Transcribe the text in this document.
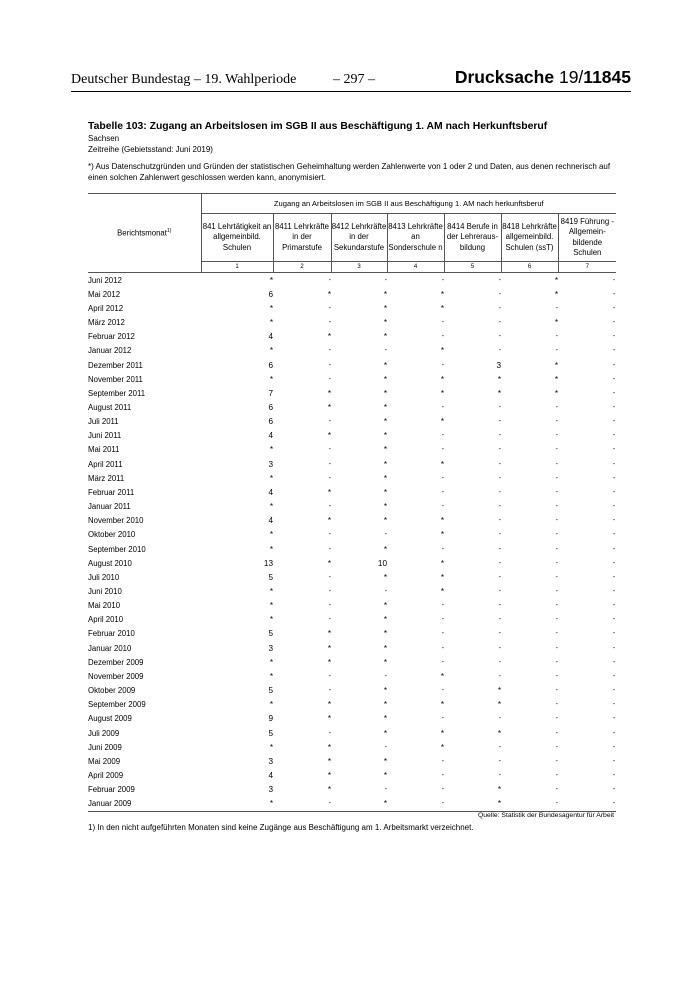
Deutscher Bundestag – 19. Wahlperiode	– 297 –	Drucksache 19/11845
Tabelle 103: Zugang an Arbeitslosen im SGB II aus Beschäftigung 1. AM nach Herkunftsberuf
Sachsen
Zeitreihe (Gebietsstand: Juni 2019)
*) Aus Datenschutzgründen und Gründen der statistischen Geheimhaltung werden Zahlenwerte von 1 oder 2 und Daten, aus denen rechnerisch auf einen solchen Zahlenwert geschlossen werden kann, anonymisiert.
Berichtsmonat$^{1)}$	Zugang an Arbeitslosen im SGB II aus Beschäftigung 1. AM nach herkunftsberuf						
	841 Lehrtätigkeit an allgemeinbild. Schulen	8411 Lehrkräfte in der Primarstufe	8412 Lehrkräfte in der Sekundarstufe	8413 Lehrkräfte an Sonderschule n	8414 Berufe in der Lehreraus-bildung	8418 Lehrkräfte allgemeinbild. Schulen (ssT)	8419 Führung - Allgemein-bildende Schulen
	1	2	3	4	5	6	7
Juni 2012	*	-	-	-	-	*	-
Mai 2012	6	*	*	*	-	*	-
April 2012	*	-	*	*	-	-	-
März 2012	*	-	*	-	-	*	-
Februar 2012	4	*	*	-	-	-	-
Januar 2012	*	-	-	*	-	-	-
Dezember 2011	6	-	*	-	3	*	-
November 2011	*	-	*	*	*	*	-
September 2011	7	*	*	*	*	*	-
August 2011	6	*	*	-	-	-	-
Juli 2011	6	-	*	*	-	-	-
Juni 2011	4	*	*	-	-	-	-
Mai 2011	*	-	*	-	-	-	-
April 2011	3	-	*	*	-	-	-
März 2011	*	-	*	-	-	-	-
Februar 2011	4	*	*	-	-	-	-
Januar 2011	*	-	*	-	-	-	-
November 2010	4	*	*	*	-	-	-
Oktober 2010	*	-	-	*	-	-	-
September 2010	*	-	*	-	-	-	-
August 2010	13	*	10	*	-	-	-
Juli 2010	5	-	*	*	-	-	-
Juni 2010	*	-	-	*	-	-	-
Mai 2010	*	-	*	-	-	-	-
April 2010	*	-	*	-	-	-	-
Februar 2010	5	*	*	-	-	-	-
Januar 2010	3	*	*	-	-	-	-
Dezember 2009	*	*	*	-	-	-	-
November 2009	*	-	-	*	-	-	-
Oktober 2009	5	-	*	-	*	-	-
September 2009	*	*	*	*	*	-	-
August 2009	9	*	*	-	-	-	-
Juli 2009	5	-	*	*	*	-	-
Juni 2009	*	*	-	*	-	-	-
Mai 2009	3	*	*	-	-	-	-
April 2009	4	*	*	-	-	-	-
Februar 2009	3	*	-	-	*	-	-
Januar 2009	*	-	*	-	*	-	-
Quelle: Statistik der Bundesagentur für Arbeit
1) In den nicht aufgeführten Monaten sind keine Zugänge aus Beschäftigung am 1. Arbeitsmarkt verzeichnet.
